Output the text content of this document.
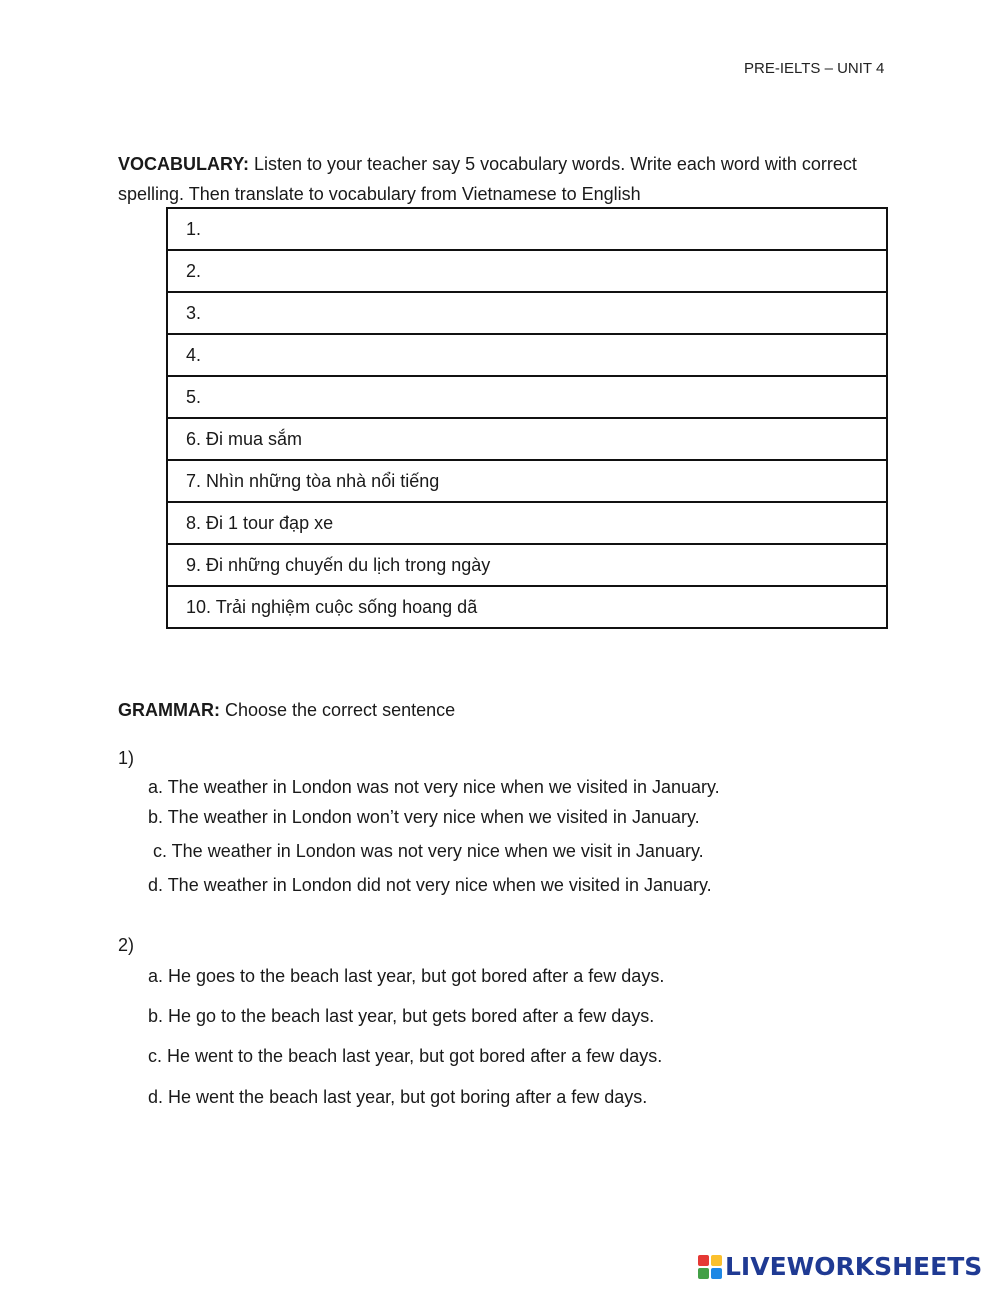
PRE-IELTS – UNIT 4
VOCABULARY: Listen to your teacher say 5 vocabulary words. Write each word with correct spelling. Then translate to vocabulary from Vietnamese to English
1.
2.
3.
4.
5.
6. Đi mua sắm
7. Nhìn những tòa nhà nổi tiếng
8. Đi 1 tour đạp xe
9. Đi những chuyến du lịch trong ngày
10. Trải nghiệm cuộc sống hoang dã
GRAMMAR: Choose the correct sentence
1)
a. The weather in London was not very nice when we visited in January.
b. The weather in London won’t very nice when we visited in January.
c. The weather in London was not very nice when we visit in January.
d. The weather in London did not very nice when we visited in January.
2)
a. He goes to the beach last year, but got bored after a few days.
b. He go to the beach last year, but gets bored after a few days.
c. He went to the beach last year, but got bored after a few days.
d. He went the beach last year, but got boring after a few days.
LIVEWORKSHEETS
